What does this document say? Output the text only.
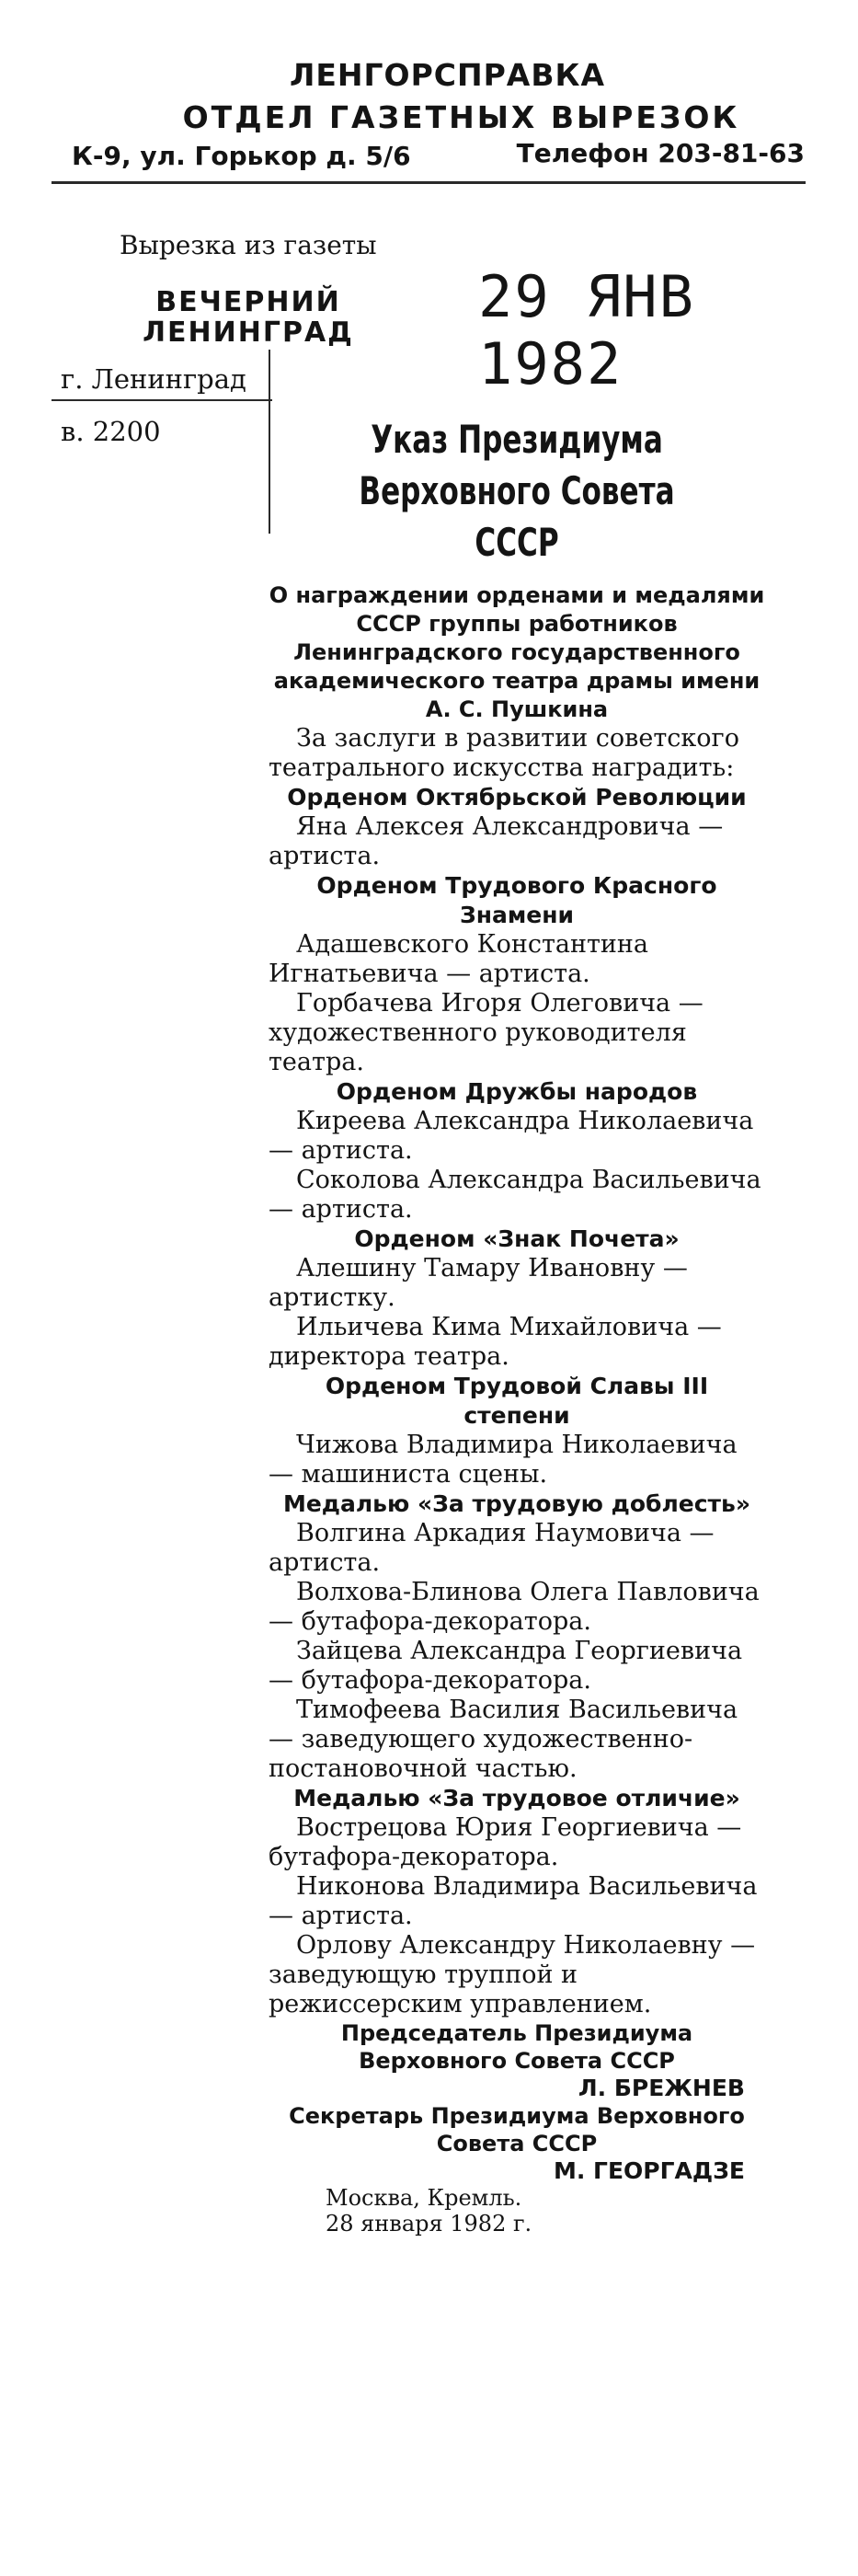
ЛЕНГОРСПРАВКА
ОТДЕЛ ГАЗЕТНЫХ ВЫРЕЗОК
К-9, ул. Горькор д. 5/6	Телефон 203-81-63
Вырезка из газеты
ВЕЧЕРНИЙ ЛЕНИНГРАД
29 ЯНВ 1982
г. Ленинград
в. 2200	Указ Президиума Верховного Совета СССР
О награждении орденами и медалями СССР группы работников Ленинградского государственного академического театра драмы имени А. С. Пушкина

За заслуги в развитии советского театрального искусства наградить:

Орденом Октябрьской Революции

Яна Алексея Александровича — артиста.

Орденом Трудового Красного Знамени

Адашевского Константина Игнатьевича — артиста.

Горбачева Игоря Олеговича — художественного руководителя театра.

Орденом Дружбы народов

Киреева Александра Николаевича — артиста.

Соколова Александра Васильевича — артиста.

Орденом «Знак Почета»

Алешину Тамару Ивановну — артистку.

Ильичева Кима Михайловича — директора театра.

Орденом Трудовой Славы III степени

Чижова Владимира Николаевича — машиниста сцены.

Медалью «За трудовую доблесть»

Волгина Аркадия Наумовича — артиста.

Волхова-Блинова Олега Павловича — бутафора-декоратора.

Зайцева Александра Георгиевича — бутафора-декоратора.

Тимофеева Василия Васильевича — заведующего художественно-постановочной частью.

Медалью «За трудовое отличие»

Вострецова Юрия Георгиевича — бутафора-декоратора.

Никонова Владимира Васильевича — артиста.

Орлову Александру Николаевну — заведующую труппой и режиссерским управлением.

Председатель Президиума Верховного Совета СССР
Л. БРЕЖНЕВ
Секретарь Президиума Верховного Совета СССР
М. ГЕОРГАДЗЕ
Москва, Кремль.
28 января 1982 г.
